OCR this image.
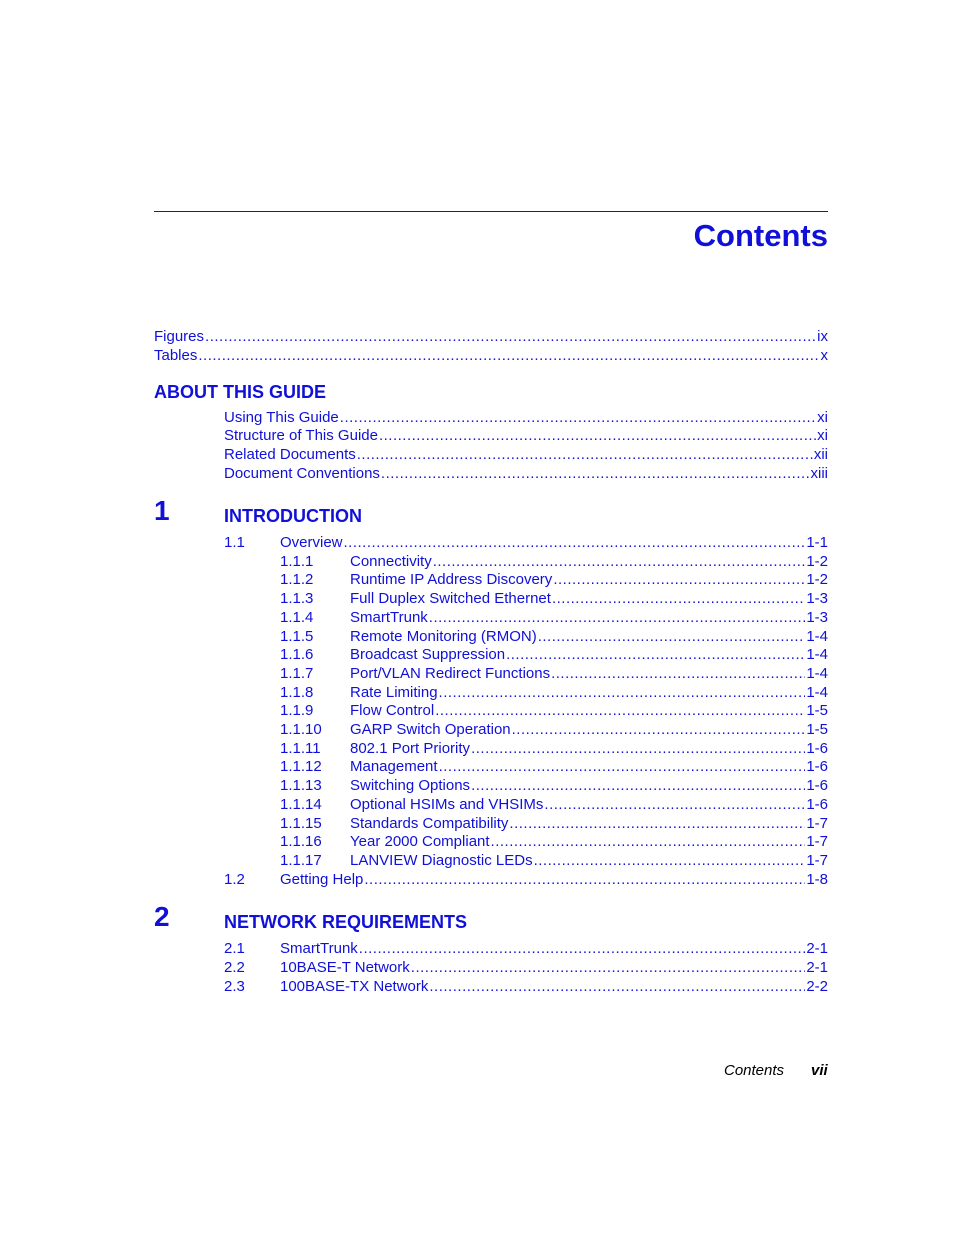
Contents
Figures .....	ix
Tables .....	x
ABOUT THIS GUIDE
Using This Guide .....	xi
Structure of This Guide .....	xi
Related Documents .....	xii
Document Conventions .....	xiii
1	INTRODUCTION
1.1	Overview .....	1-1
1.1.1	Connectivity .....	1-2
1.1.2	Runtime IP Address Discovery .....	1-2
1.1.3	Full Duplex Switched Ethernet .....	1-3
1.1.4	SmartTrunk .....	1-3
1.1.5	Remote Monitoring (RMON) .....	1-4
1.1.6	Broadcast Suppression .....	1-4
1.1.7	Port/VLAN Redirect Functions .....	1-4
1.1.8	Rate Limiting .....	1-4
1.1.9	Flow Control .....	1-5
1.1.10	GARP Switch Operation .....	1-5
1.1.11	802.1 Port Priority .....	1-6
1.1.12	Management .....	1-6
1.1.13	Switching Options .....	1-6
1.1.14	Optional HSIMs and VHSIMs .....	1-6
1.1.15	Standards Compatibility .....	1-7
1.1.16	Year 2000 Compliant .....	1-7
1.1.17	LANVIEW Diagnostic LEDs .....	1-7
1.2	Getting Help .....	1-8
2	NETWORK REQUIREMENTS
2.1	SmartTrunk .....	2-1
2.2	10BASE-T Network .....	2-1
2.3	100BASE-TX Network .....	2-2
Contents vii
